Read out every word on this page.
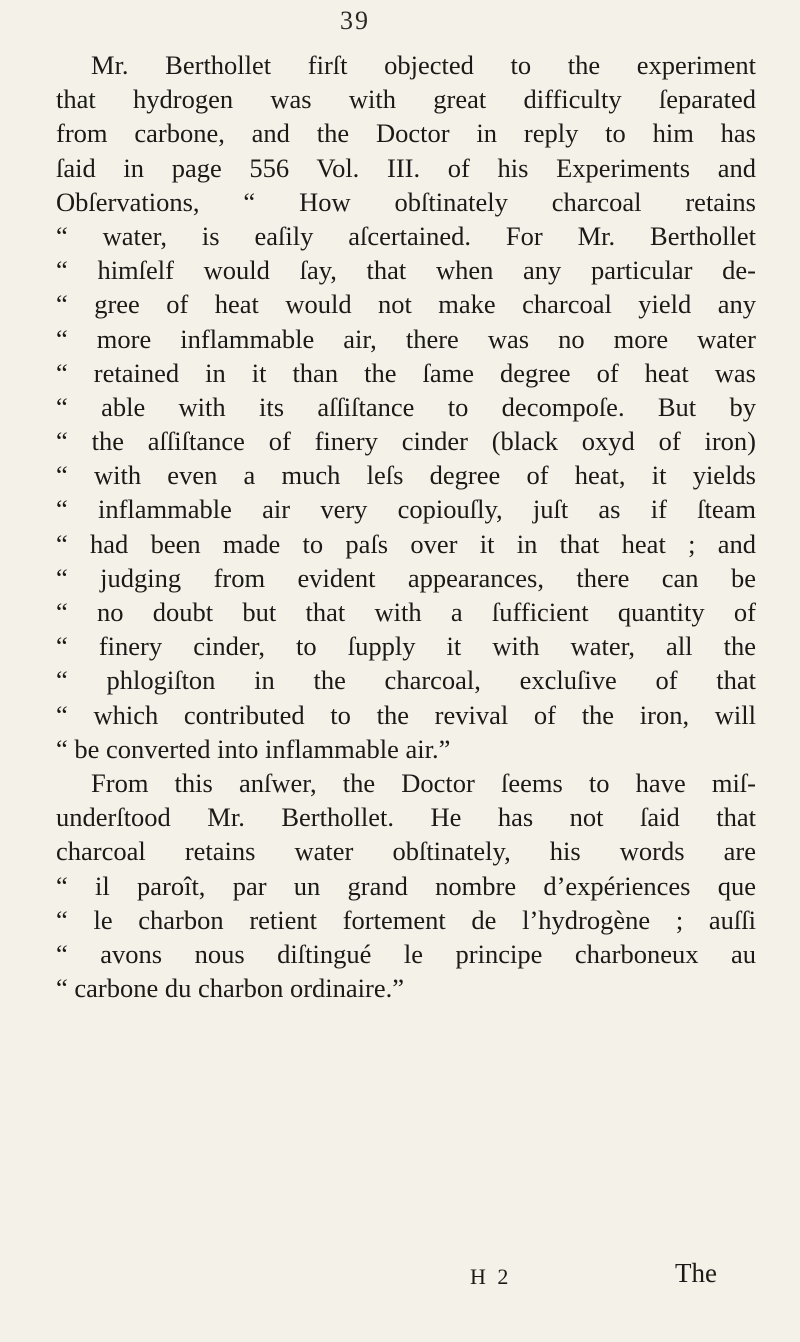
39
Mr. Berthollet firſt objected to the experiment
that hydrogen was with great difficulty ſeparated
from carbone, and the Doctor in reply to him has
ſaid in page 556 Vol. III. of his Experiments and
Obſervations, “ How obſtinately charcoal retains
“ water, is eaſily aſcertained. For Mr. Berthollet
“ himſelf would ſay, that when any particular de-
“ gree of heat would not make charcoal yield any
“ more inflammable air, there was no more water
“ retained in it than the ſame degree of heat was
“ able with its aſſiſtance to decompoſe. But by
“ the aſſiſtance of finery cinder (black oxyd of iron)
“ with even a much leſs degree of heat, it yields
“ inflammable air very copiouſly, juſt as if ſteam
“ had been made to paſs over it in that heat ; and
“ judging from evident appearances, there can be
“ no doubt but that with a ſufficient quantity of
“ finery cinder, to ſupply it with water, all the
“ phlogiſton in the charcoal, excluſive of that
“ which contributed to the revival of the iron, will
“ be converted into inflammable air.”
From this anſwer, the Doctor ſeems to have miſ-
underſtood Mr. Berthollet. He has not ſaid that
charcoal retains water obſtinately, his words are
“ il paroît, par un grand nombre d’expériences que
“ le charbon retient fortement de l’hydrogène ; auſſi
“ avons nous diſtingué le principe charboneux au
“ carbone du charbon ordinaire.”
H 2	The
